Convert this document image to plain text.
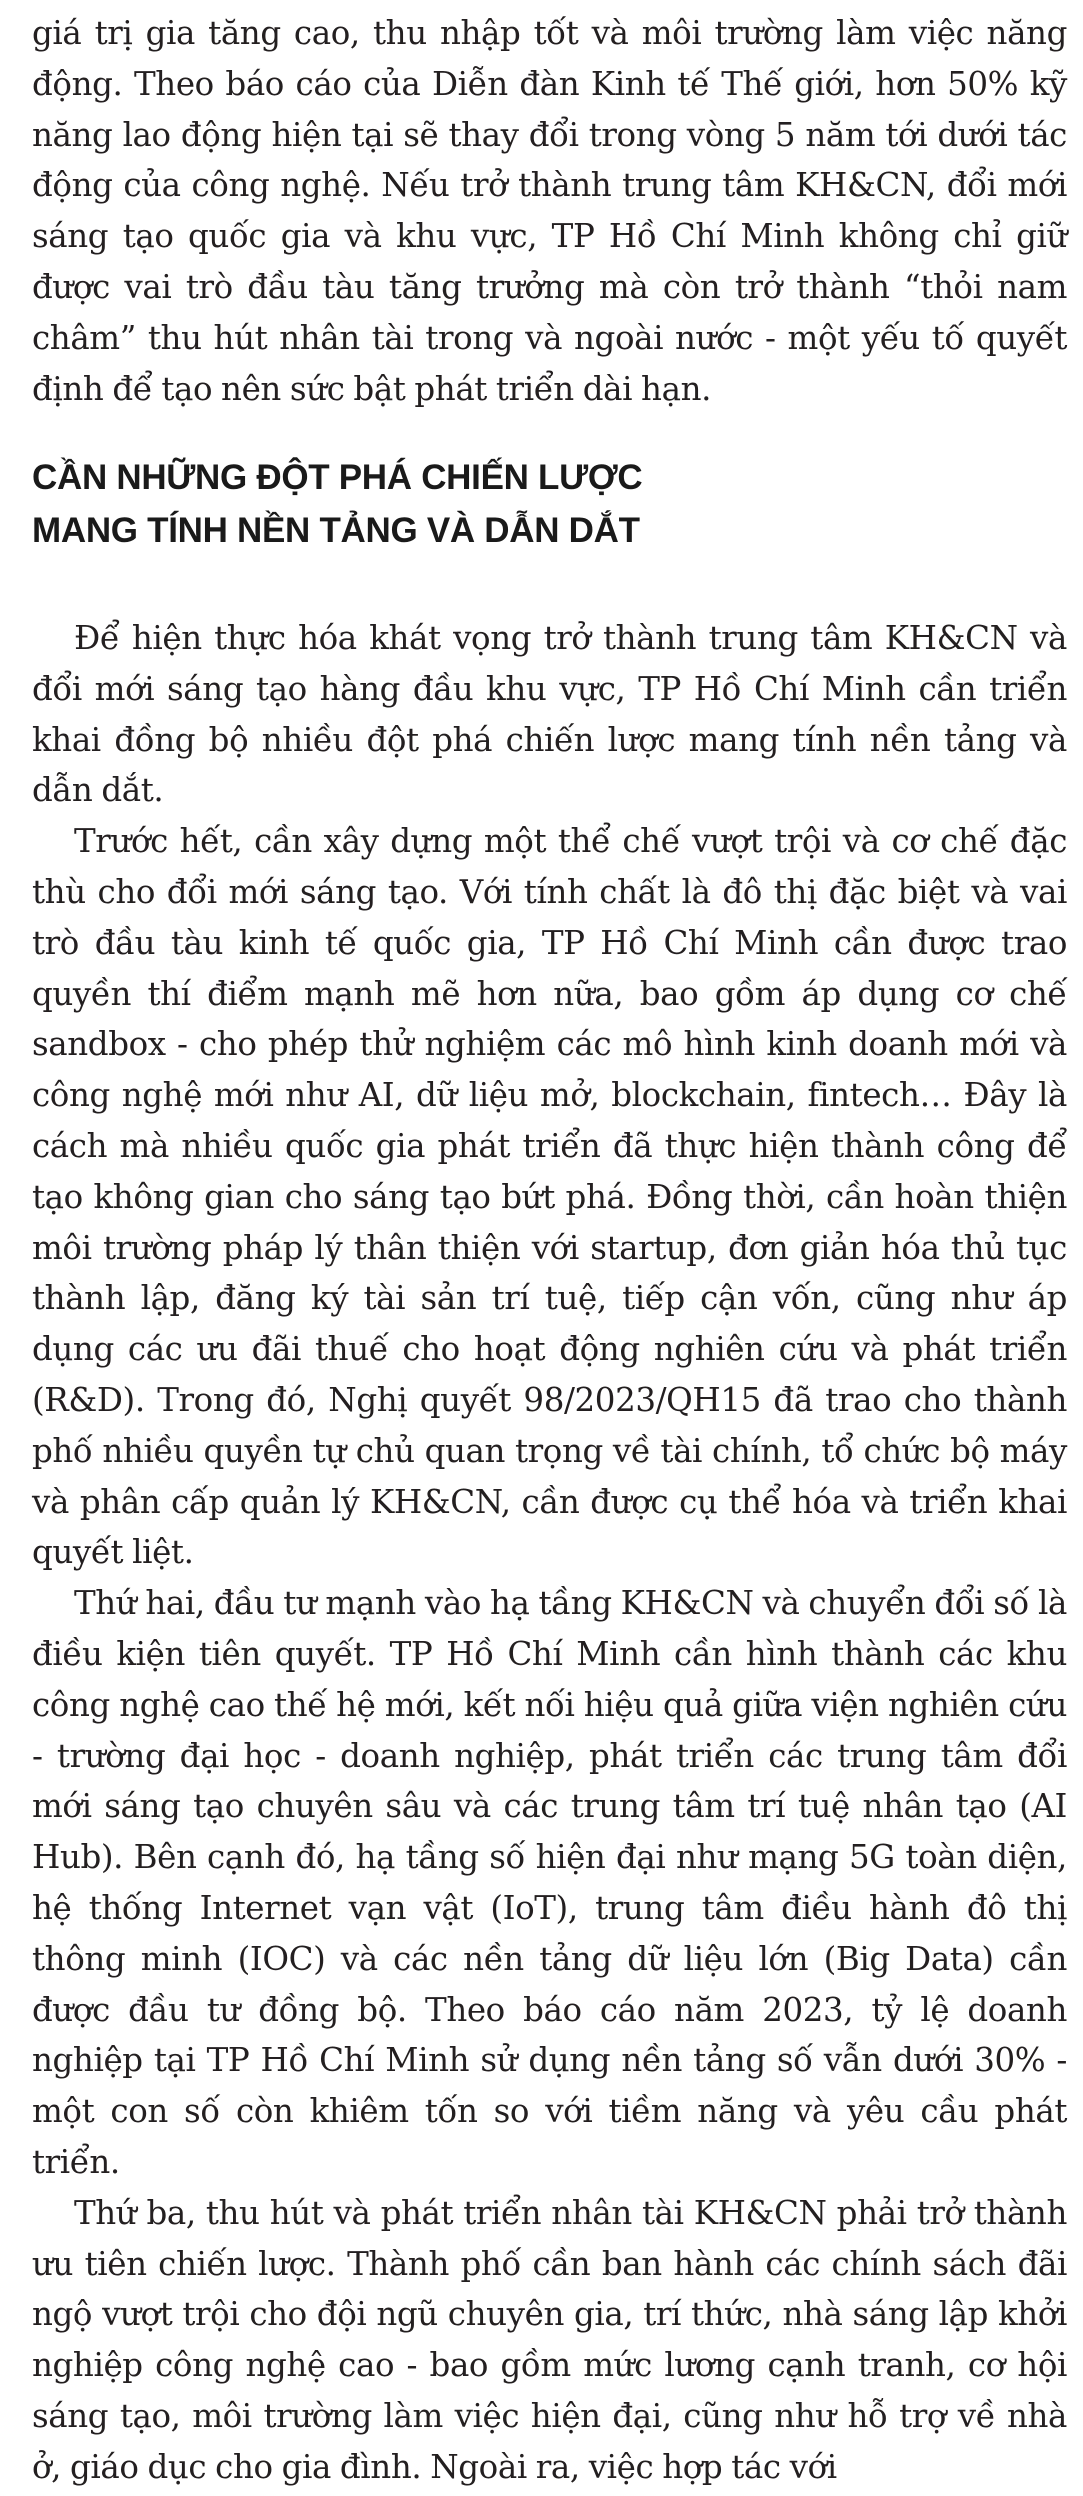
giá trị gia tăng cao, thu nhập tốt và môi trường làm việc năng động. Theo báo cáo của Diễn đàn Kinh tế Thế giới, hơn 50% kỹ năng lao động hiện tại sẽ thay đổi trong vòng 5 năm tới dưới tác động của công nghệ. Nếu trở thành trung tâm KH&CN, đổi mới sáng tạo quốc gia và khu vực, TP Hồ Chí Minh không chỉ giữ được vai trò đầu tàu tăng trưởng mà còn trở thành “thỏi nam châm” thu hút nhân tài trong và ngoài nước - một yếu tố quyết định để tạo nên sức bật phát triển dài hạn.

CẦN NHỮNG ĐỘT PHÁ CHIẾN LƯỢC
MANG TÍNH NỀN TẢNG VÀ DẪN DẮT

Để hiện thực hóa khát vọng trở thành trung tâm KH&CN và đổi mới sáng tạo hàng đầu khu vực, TP Hồ Chí Minh cần triển khai đồng bộ nhiều đột phá chiến lược mang tính nền tảng và dẫn dắt.

Trước hết, cần xây dựng một thể chế vượt trội và cơ chế đặc thù cho đổi mới sáng tạo. Với tính chất là đô thị đặc biệt và vai trò đầu tàu kinh tế quốc gia, TP Hồ Chí Minh cần được trao quyền thí điểm mạnh mẽ hơn nữa, bao gồm áp dụng cơ chế sandbox - cho phép thử nghiệm các mô hình kinh doanh mới và công nghệ mới như AI, dữ liệu mở, blockchain, fintech… Đây là cách mà nhiều quốc gia phát triển đã thực hiện thành công để tạo không gian cho sáng tạo bứt phá. Đồng thời, cần hoàn thiện môi trường pháp lý thân thiện với startup, đơn giản hóa thủ tục thành lập, đăng ký tài sản trí tuệ, tiếp cận vốn, cũng như áp dụng các ưu đãi thuế cho hoạt động nghiên cứu và phát triển (R&D). Trong đó, Nghị quyết 98/2023/QH15 đã trao cho thành phố nhiều quyền tự chủ quan trọng về tài chính, tổ chức bộ máy và phân cấp quản lý KH&CN, cần được cụ thể hóa và triển khai quyết liệt.

Thứ hai, đầu tư mạnh vào hạ tầng KH&CN và chuyển đổi số là điều kiện tiên quyết. TP Hồ Chí Minh cần hình thành các khu công nghệ cao thế hệ mới, kết nối hiệu quả giữa viện nghiên cứu - trường đại học - doanh nghiệp, phát triển các trung tâm đổi mới sáng tạo chuyên sâu và các trung tâm trí tuệ nhân tạo (AI Hub). Bên cạnh đó, hạ tầng số hiện đại như mạng 5G toàn diện, hệ thống Internet vạn vật (IoT), trung tâm điều hành đô thị thông minh (IOC) và các nền tảng dữ liệu lớn (Big Data) cần được đầu tư đồng bộ. Theo báo cáo năm 2023, tỷ lệ doanh nghiệp tại TP Hồ Chí Minh sử dụng nền tảng số vẫn dưới 30% - một con số còn khiêm tốn so với tiềm năng và yêu cầu phát triển.

Thứ ba, thu hút và phát triển nhân tài KH&CN phải trở thành ưu tiên chiến lược. Thành phố cần ban hành các chính sách đãi ngộ vượt trội cho đội ngũ chuyên gia, trí thức, nhà sáng lập khởi nghiệp công nghệ cao - bao gồm mức lương cạnh tranh, cơ hội sáng tạo, môi trường làm việc hiện đại, cũng như hỗ trợ về nhà ở, giáo dục cho gia đình. Ngoài ra, việc hợp tác với
